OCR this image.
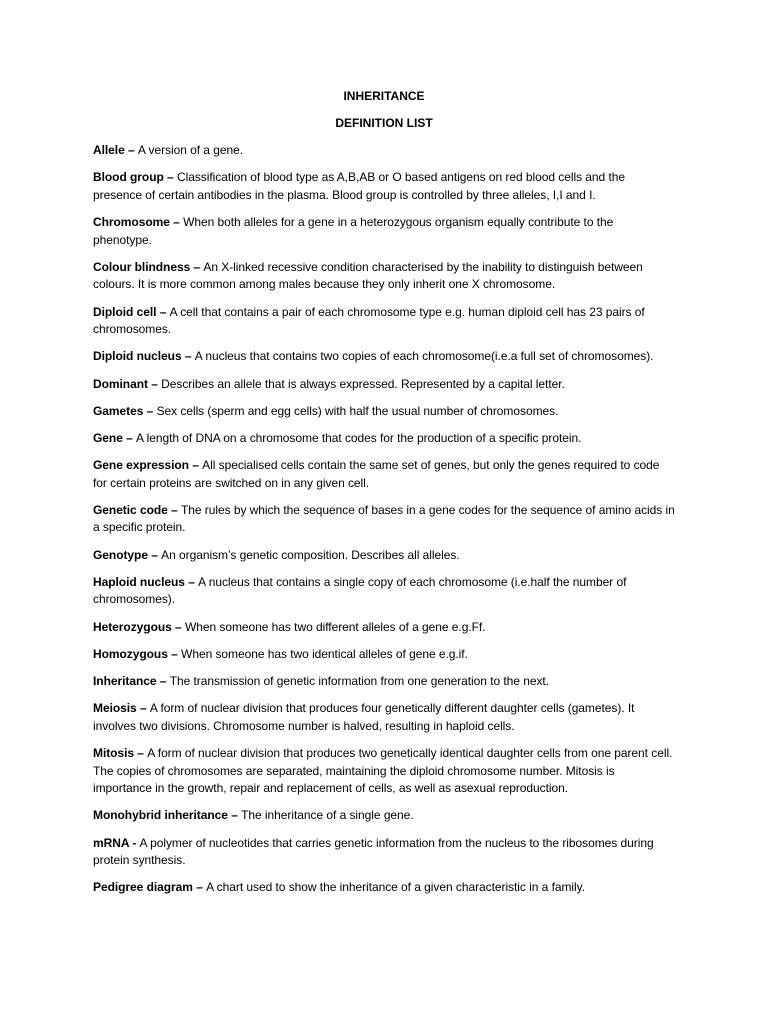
INHERITANCE

DEFINITION LIST

Allele – A version of a gene.

Blood group – Classification of blood type as A,B,AB or O based antigens on red blood cells and the presence of certain antibodies in the plasma. Blood group is controlled by three alleles, I,I and I.

Chromosome – When both alleles for a gene in a heterozygous organism equally contribute to the phenotype.

Colour blindness – An X-linked recessive condition characterised by the inability to distinguish between colours. It is more common among males because they only inherit one X chromosome.

Diploid cell – A cell that contains a pair of each chromosome type e.g. human diploid cell has 23 pairs of chromosomes.

Diploid nucleus – A nucleus that contains two copies of each chromosome(i.e.a full set of chromosomes).

Dominant – Describes an allele that is always expressed. Represented by a capital letter.

Gametes – Sex cells (sperm and egg cells) with half the usual number of chromosomes.

Gene – A length of DNA on a chromosome that codes for the production of a specific protein.

Gene expression – All specialised cells contain the same set of genes, but only the genes required to code for certain proteins are switched on in any given cell.

Genetic code – The rules by which the sequence of bases in a gene codes for the sequence of amino acids in a specific protein.

Genotype – An organism’s genetic composition. Describes all alleles.

Haploid nucleus – A nucleus that contains a single copy of each chromosome (i.e.half the number of chromosomes).

Heterozygous – When someone has two different alleles of a gene e.g.Ff.

Homozygous – When someone has two identical alleles of gene e.g.if.

Inheritance – The transmission of genetic information from one generation to the next.

Meiosis – A form of nuclear division that produces four genetically different daughter cells (gametes). It involves two divisions. Chromosome number is halved, resulting in haploid cells.

Mitosis – A form of nuclear division that produces two genetically identical daughter cells from one parent cell. The copies of chromosomes are separated, maintaining the diploid chromosome number. Mitosis is importance in the growth, repair and replacement of cells, as well as asexual reproduction.

Monohybrid inheritance – The inheritance of a single gene.

mRNA - A polymer of nucleotides that carries genetic information from the nucleus to the ribosomes during protein synthesis.

Pedigree diagram – A chart used to show the inheritance of a given characteristic in a family.
